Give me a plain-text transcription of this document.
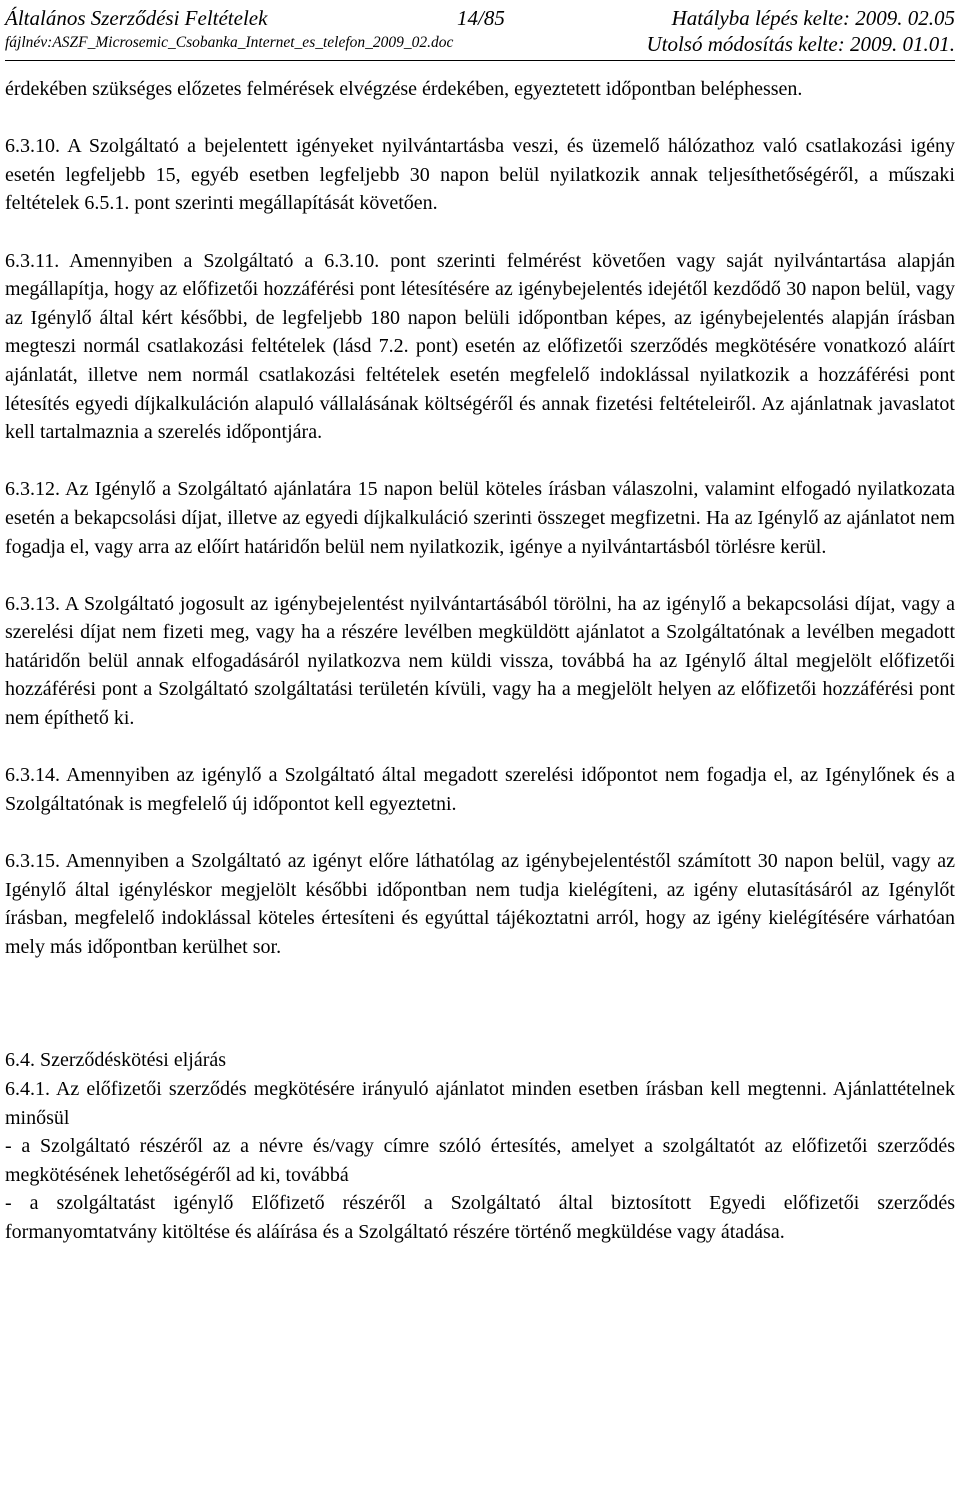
Általános Szerződési Feltételek	14/85	Hatályba lépés kelte: 2009. 02.05
fájlnév:ASZF_Microsemic_Csobanka_Internet_es_telefon_2009_02.doc	Utolsó módosítás kelte: 2009. 01.01.

érdekében szükséges előzetes felmérések elvégzése érdekében, egyeztetett időpontban beléphessen.

6.3.10. A Szolgáltató a bejelentett igényeket nyilvántartásba veszi, és üzemelő hálózathoz való csatlakozási igény esetén legfeljebb 15, egyéb esetben legfeljebb 30 napon belül nyilatkozik annak teljesíthetőségéről, a műszaki feltételek 6.5.1. pont szerinti megállapítását követően.

6.3.11. Amennyiben a Szolgáltató a 6.3.10. pont szerinti felmérést követően vagy saját nyilvántartása alapján megállapítja, hogy az előfizetői hozzáférési pont létesítésére az igénybejelentés idejétől kezdődő 30 napon belül, vagy az Igénylő által kért későbbi, de legfeljebb 180 napon belüli időpontban képes, az igénybejelentés alapján írásban megteszi normál csatlakozási feltételek (lásd 7.2. pont) esetén az előfizetői szerződés megkötésére vonatkozó aláírt ajánlatát, illetve nem normál csatlakozási feltételek esetén megfelelő indoklással nyilatkozik a hozzáférési pont létesítés egyedi díjkalkuláción alapuló vállalásának költségéről és annak fizetési feltételeiről. Az ajánlatnak javaslatot kell tartalmaznia a szerelés időpontjára.

6.3.12. Az Igénylő a Szolgáltató ajánlatára 15 napon belül köteles írásban válaszolni, valamint elfogadó nyilatkozata esetén a bekapcsolási díjat, illetve az egyedi díjkalkuláció szerinti összeget megfizetni. Ha az Igénylő az ajánlatot nem fogadja el, vagy arra az előírt határidőn belül nem nyilatkozik, igénye a nyilvántartásból törlésre kerül.

6.3.13. A Szolgáltató jogosult az igénybejelentést nyilvántartásából törölni, ha az igénylő a bekapcsolási díjat, vagy a szerelési díjat nem fizeti meg, vagy ha a részére levélben megküldött ajánlatot a Szolgáltatónak a levélben megadott határidőn belül annak elfogadásáról nyilatkozva nem küldi vissza, továbbá ha az Igénylő által megjelölt előfizetői hozzáférési pont a Szolgáltató szolgáltatási területén kívüli, vagy ha a megjelölt helyen az előfizetői hozzáférési pont nem építhető ki.

6.3.14. Amennyiben az igénylő a Szolgáltató által megadott szerelési időpontot nem fogadja el, az Igénylőnek és a Szolgáltatónak is megfelelő új időpontot kell egyeztetni.

6.3.15. Amennyiben a Szolgáltató az igényt előre láthatólag az igénybejelentéstől számított 30 napon belül, vagy az Igénylő által igényléskor megjelölt későbbi időpontban nem tudja kielégíteni, az igény elutasításáról az Igénylőt írásban, megfelelő indoklással köteles értesíteni és egyúttal tájékoztatni arról, hogy az igény kielégítésére várhatóan mely más időpontban kerülhet sor.

6.4. Szerződéskötési eljárás

6.4.1. Az előfizetői szerződés megkötésére irányuló ajánlatot minden esetben írásban kell megtenni. Ajánlattételnek minősül

- a Szolgáltató részéről az a névre és/vagy címre szóló értesítés, amelyet a szolgáltatót az előfizetői szerződés megkötésének lehetőségéről ad ki, továbbá

- a szolgáltatást igénylő Előfizető részéről a Szolgáltató által biztosított Egyedi előfizetői szerződés formanyomtatvány kitöltése és aláírása és a Szolgáltató részére történő megküldése vagy átadása.
